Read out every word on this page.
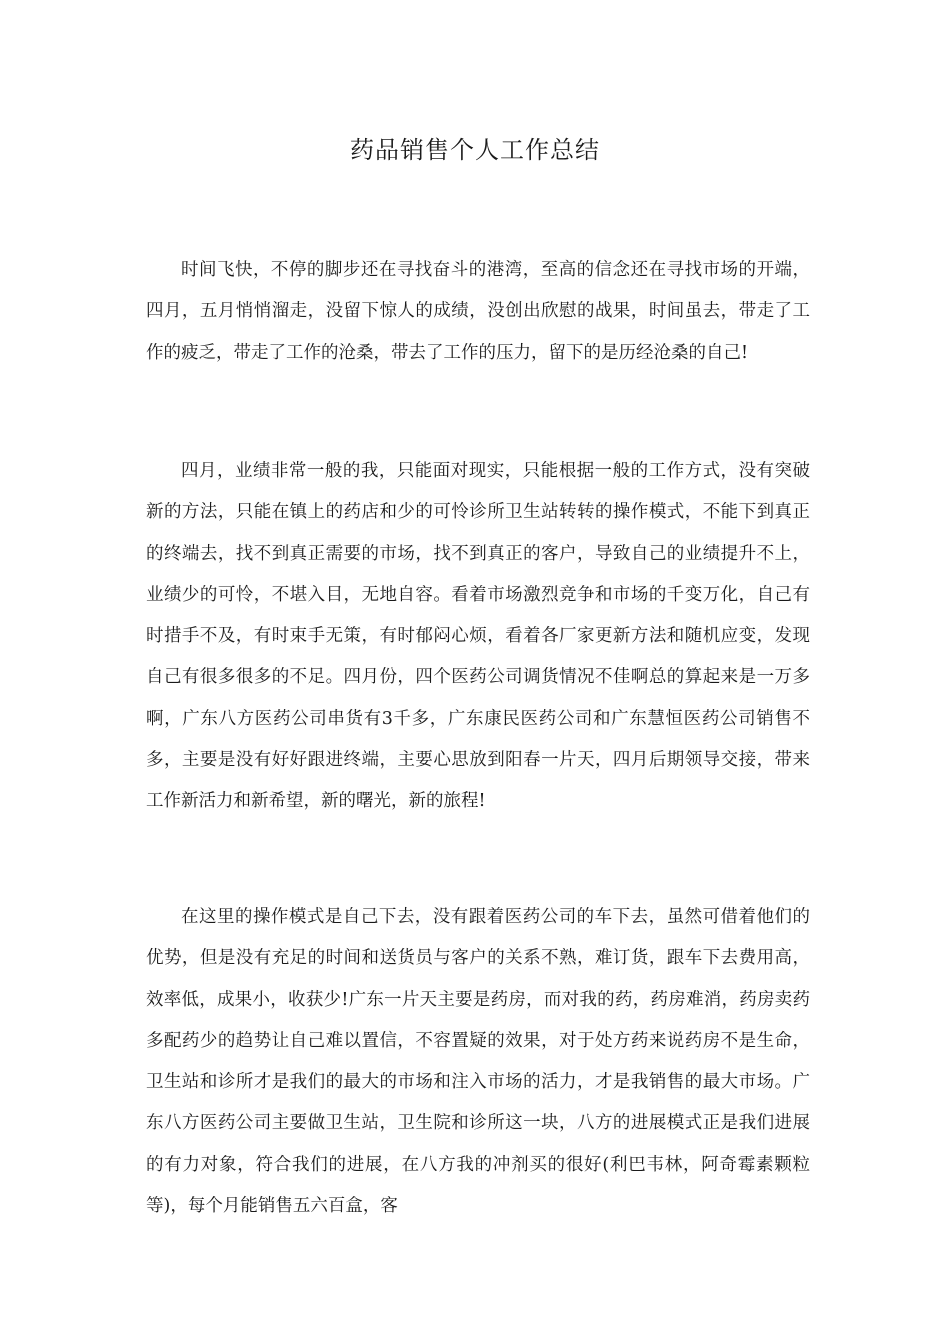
药品销售个人工作总结

时间飞快，不停的脚步还在寻找奋斗的港湾，至高的信念还在寻找市场的开端，四月，五月悄悄溜走，没留下惊人的成绩，没创出欣慰的战果，时间虽去，带走了工作的疲乏，带走了工作的沧桑，带去了工作的压力，留下的是历经沧桑的自己!

四月，业绩非常一般的我，只能面对现实，只能根据一般的工作方式，没有突破新的方法，只能在镇上的药店和少的可怜诊所卫生站转转的操作模式，不能下到真正的终端去，找不到真正需要的市场，找不到真正的客户，导致自己的业绩提升不上，业绩少的可怜，不堪入目，无地自容。看着市场激烈竞争和市场的千变万化，自己有时措手不及，有时束手无策，有时郁闷心烦，看着各厂家更新方法和随机应变，发现自己有很多很多的不足。四月份，四个医药公司调货情况不佳啊总的算起来是一万多啊，广东八方医药公司串货有3千多，广东康民医药公司和广东慧恒医药公司销售不多，主要是没有好好跟进终端，主要心思放到阳春一片天，四月后期领导交接，带来工作新活力和新希望，新的曙光，新的旅程!

在这里的操作模式是自己下去，没有跟着医药公司的车下去，虽然可借着他们的优势，但是没有充足的时间和送货员与客户的关系不熟，难订货，跟车下去费用高，效率低，成果小，收获少!广东一片天主要是药房，而对我的药，药房难消，药房卖药多配药少的趋势让自己难以置信，不容置疑的效果，对于处方药来说药房不是生命，卫生站和诊所才是我们的最大的市场和注入市场的活力，才是我销售的最大市场。广东八方医药公司主要做卫生站，卫生院和诊所这一块，八方的进展模式正是我们进展的有力对象，符合我们的进展，在八方我的冲剂买的很好(利巴韦林，阿奇霉素颗粒等)，每个月能销售五六百盒，客
